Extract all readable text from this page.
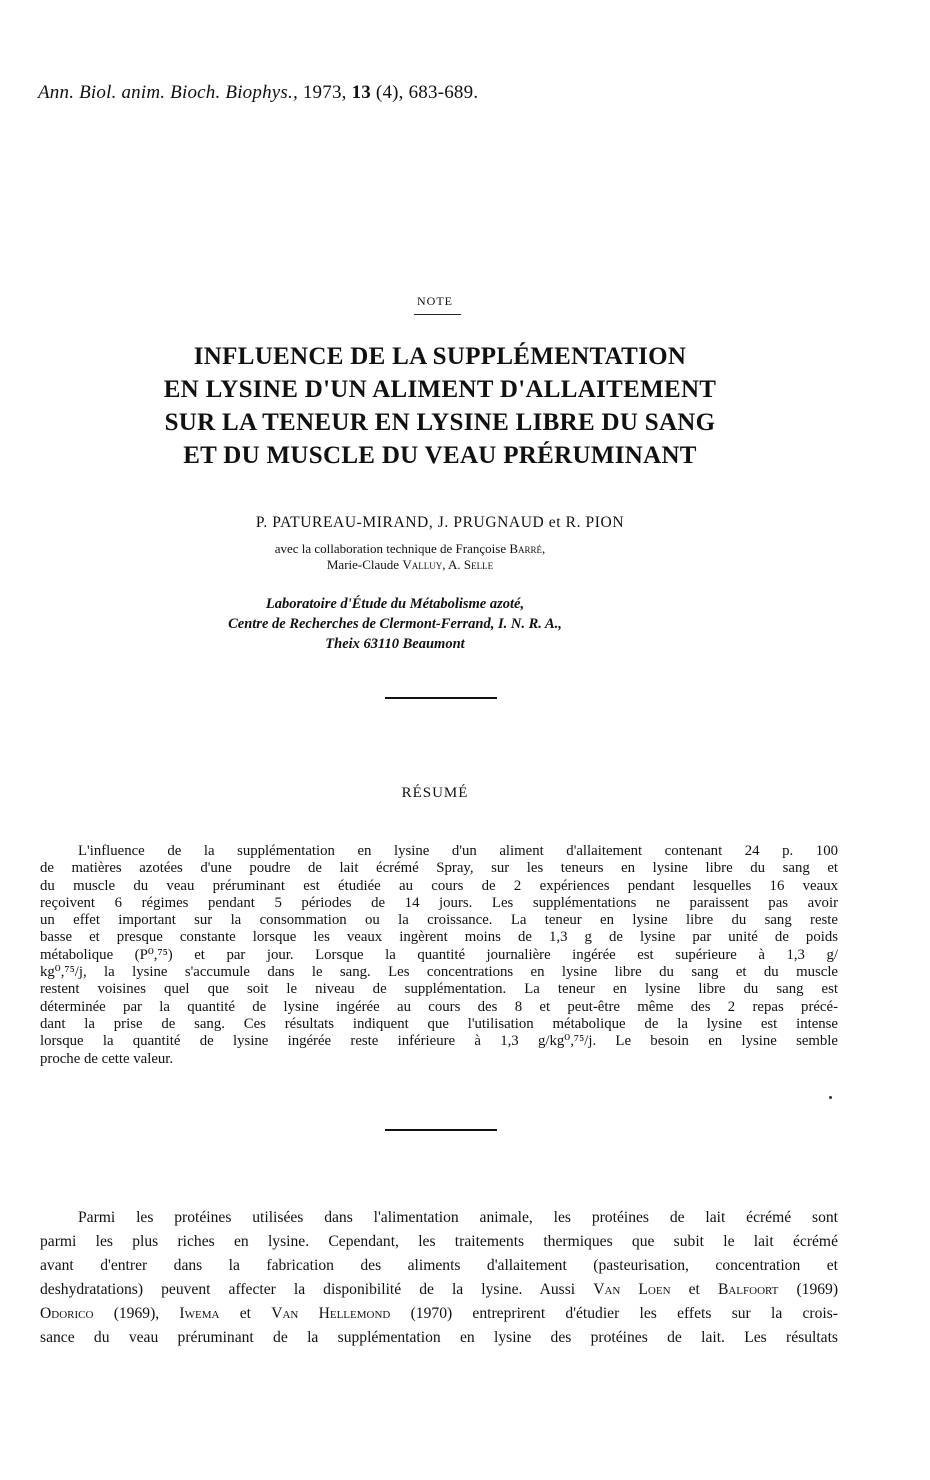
Ann. Biol. anim. Bioch. Biophys., 1973, 13 (4), 683-689.
NOTE
INFLUENCE DE LA SUPPLÉMENTATION
EN LYSINE D'UN ALIMENT D'ALLAITEMENT
SUR LA TENEUR EN LYSINE LIBRE DU SANG
ET DU MUSCLE DU VEAU PRÉRUMINANT
P. PATUREAU-MIRAND, J. PRUGNAUD et R. PION
avec la collaboration technique de Françoise Barré,
Marie-Claude Valluy, A. Selle
Laboratoire d'Étude du Métabolisme azoté,
Centre de Recherches de Clermont-Ferrand, I. N. R. A.,
Theix 63110 Beaumont
RÉSUMÉ
L'influence de la supplémentation en lysine d'un aliment d'allaitement contenant 24 p. 100
de matières azotées d'une poudre de lait écrémé Spray, sur les teneurs en lysine libre du sang et
du muscle du veau préruminant est étudiée au cours de 2 expériences pendant lesquelles 16 veaux
reçoivent 6 régimes pendant 5 périodes de 14 jours. Les supplémentations ne paraissent pas avoir
un effet important sur la consommation ou la croissance. La teneur en lysine libre du sang reste
basse et presque constante lorsque les veaux ingèrent moins de 1,3 g de lysine par unité de poids
métabolique (P⁰,⁷⁵) et par jour. Lorsque la quantité journalière ingérée est supérieure à 1,3 g/
kg⁰,⁷⁵/j, la lysine s'accumule dans le sang. Les concentrations en lysine libre du sang et du muscle
restent voisines quel que soit le niveau de supplémentation. La teneur en lysine libre du sang est
déterminée par la quantité de lysine ingérée au cours des 8 et peut-être même des 2 repas précé-
dant la prise de sang. Ces résultats indiquent que l'utilisation métabolique de la lysine est intense
lorsque la quantité de lysine ingérée reste inférieure à 1,3 g/kg⁰,⁷⁵/j. Le besoin en lysine semble
proche de cette valeur.
Parmi les protéines utilisées dans l'alimentation animale, les protéines de lait écrémé sont
parmi les plus riches en lysine. Cependant, les traitements thermiques que subit le lait écrémé
avant d'entrer dans la fabrication des aliments d'allaitement (pasteurisation, concentration et
deshydratations) peuvent affecter la disponibilité de la lysine. Aussi Van Loen et Balfoort (1969)
Odorico (1969), Iwema et Van Hellemond (1970) entreprirent d'étudier les effets sur la crois-
sance du veau préruminant de la supplémentation en lysine des protéines de lait. Les résultats
